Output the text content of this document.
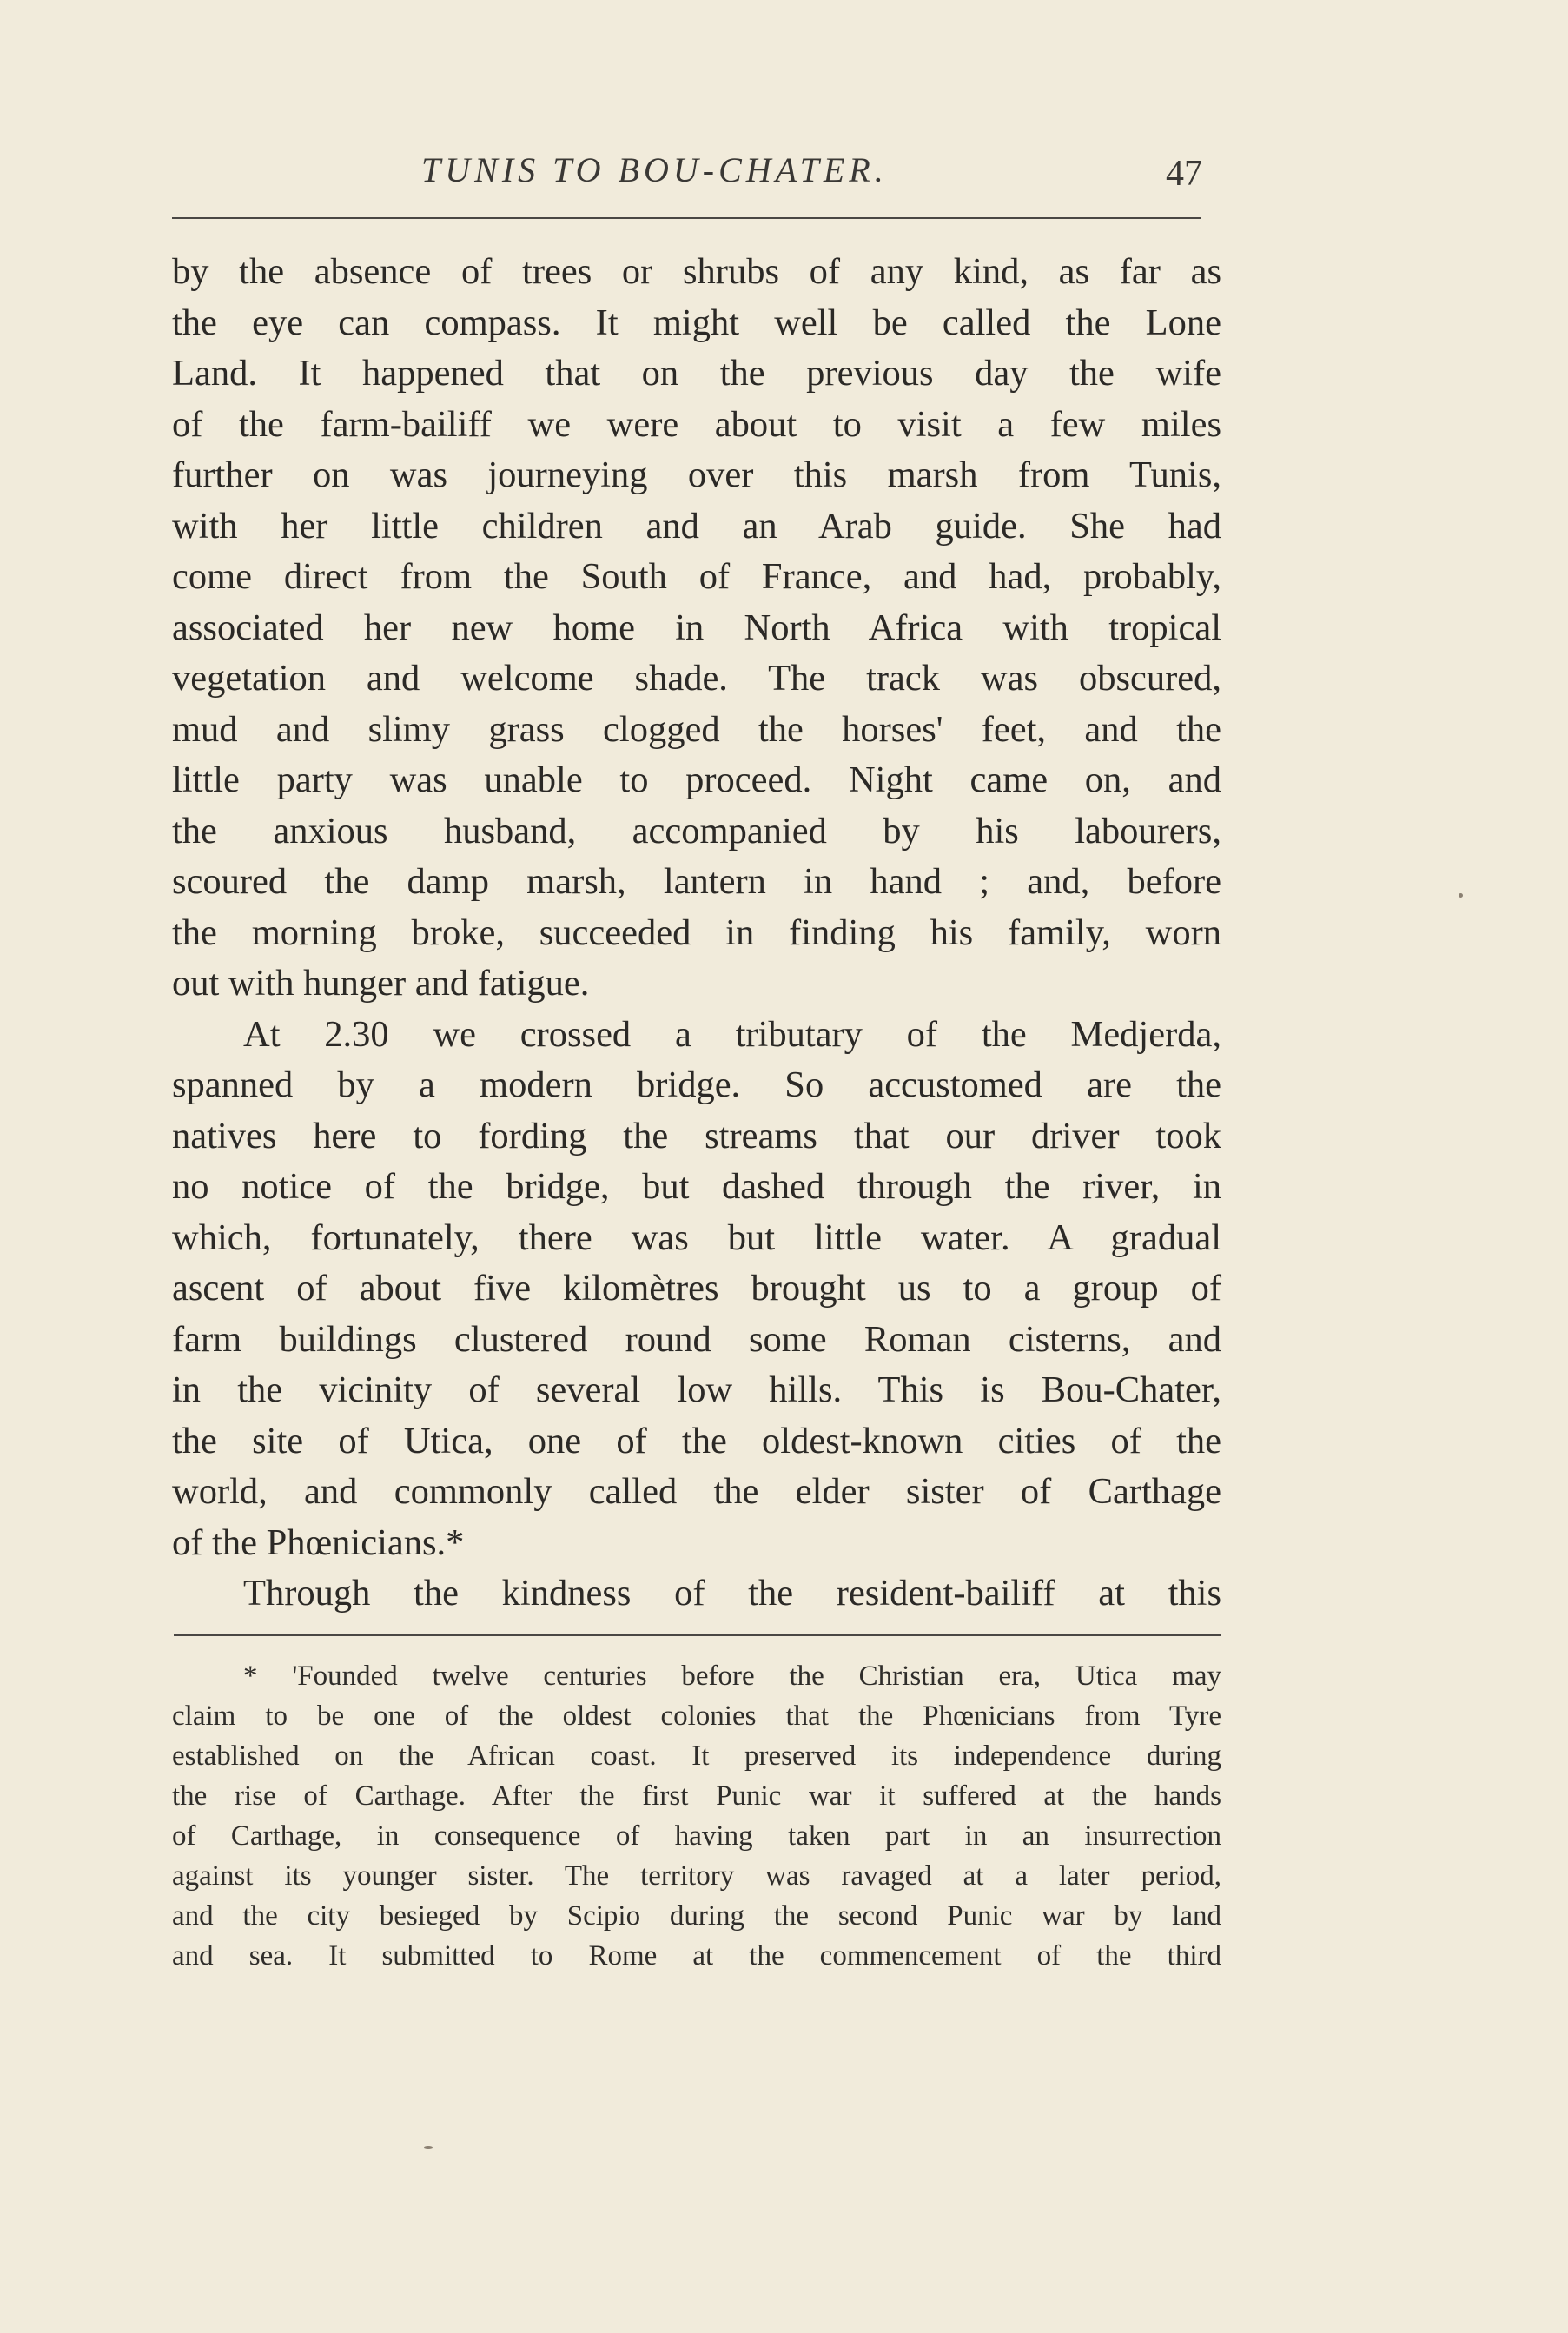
TUNIS TO BOU-CHATER.	47
by the absence of trees or shrubs of any kind, as far as
the eye can compass. It might well be called the Lone
Land. It happened that on the previous day the wife
of the farm-bailiff we were about to visit a few miles
further on was journeying over this marsh from Tunis,
with her little children and an Arab guide. She had
come direct from the South of France, and had, probably,
associated her new home in North Africa with tropical
vegetation and welcome shade. The track was obscured,
mud and slimy grass clogged the horses' feet, and the
little party was unable to proceed. Night came on, and
the anxious husband, accompanied by his labourers,
scoured the damp marsh, lantern in hand ; and, before
the morning broke, succeeded in finding his family, worn
out with hunger and fatigue.
At 2.30 we crossed a tributary of the Medjerda,
spanned by a modern bridge. So accustomed are the
natives here to fording the streams that our driver took
no notice of the bridge, but dashed through the river, in
which, fortunately, there was but little water. A gradual
ascent of about five kilomètres brought us to a group of
farm buildings clustered round some Roman cisterns, and
in the vicinity of several low hills. This is Bou-Chater,
the site of Utica, one of the oldest-known cities of the
world, and commonly called the elder sister of Carthage
of the Phœnicians.*
Through the kindness of the resident-bailiff at this
* 'Founded twelve centuries before the Christian era, Utica may
claim to be one of the oldest colonies that the Phœnicians from Tyre
established on the African coast. It preserved its independence during
the rise of Carthage. After the first Punic war it suffered at the hands
of Carthage, in consequence of having taken part in an insurrection
against its younger sister. The territory was ravaged at a later period,
and the city besieged by Scipio during the second Punic war by land
and sea. It submitted to Rome at the commencement of the third
